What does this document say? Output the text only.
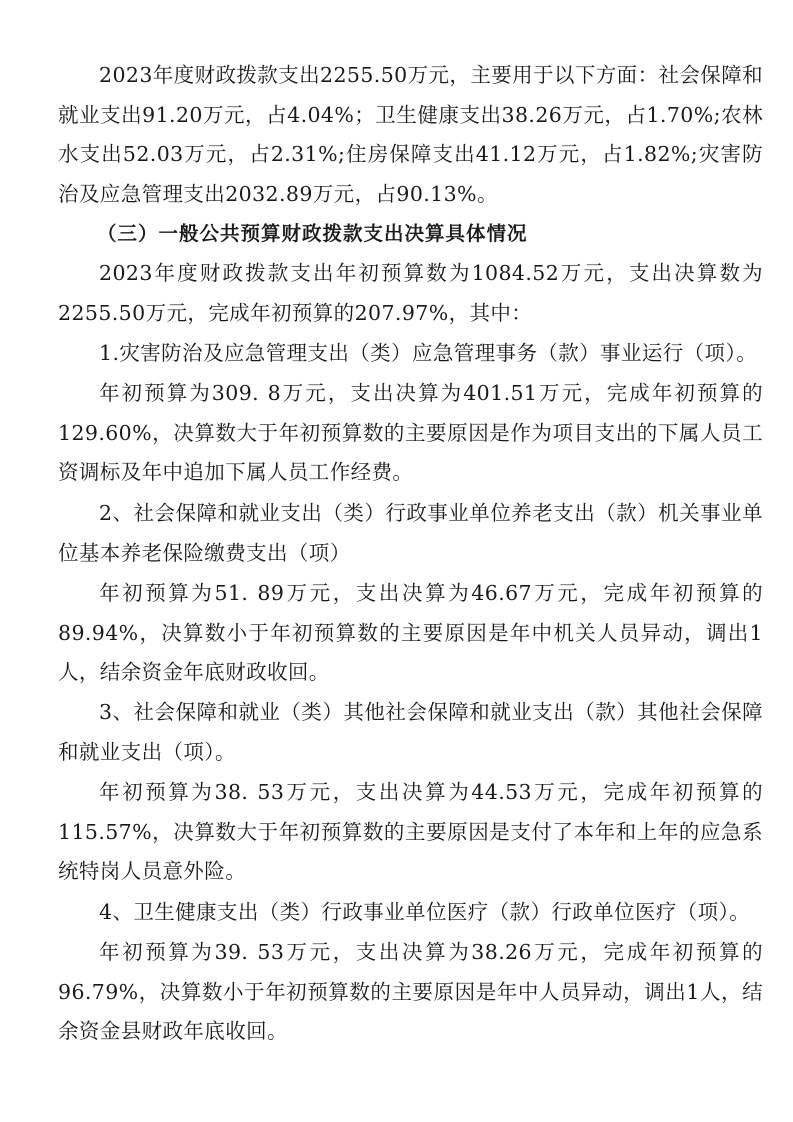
2023年度财政拨款支出2255.50万元，主要用于以下方面：社会保障和就业支出91.20万元，占4.04%；卫生健康支出38.26万元，占1.70%;农林水支出52.03万元，占2.31%;住房保障支出41.12万元，占1.82%;灾害防治及应急管理支出2032.89万元，占90.13%。

（三）一般公共预算财政拨款支出决算具体情况

2023年度财政拨款支出年初预算数为1084.52万元，支出决算数为2255.50万元，完成年初预算的207.97%，其中：

1.灾害防治及应急管理支出（类）应急管理事务（款）事业运行（项）。

年初预算为309. 8万元，支出决算为401.51万元，完成年初预算的129.60%，决算数大于年初预算数的主要原因是作为项目支出的下属人员工资调标及年中追加下属人员工作经费。

2、社会保障和就业支出（类）行政事业单位养老支出（款）机关事业单位基本养老保险缴费支出（项）

年初预算为51. 89万元，支出决算为46.67万元，完成年初预算的89.94%，决算数小于年初预算数的主要原因是年中机关人员异动，调出1人，结余资金年底财政收回。

3、社会保障和就业（类）其他社会保障和就业支出（款）其他社会保障和就业支出（项）。

年初预算为38. 53万元，支出决算为44.53万元，完成年初预算的115.57%，决算数大于年初预算数的主要原因是支付了本年和上年的应急系统特岗人员意外险。

4、卫生健康支出（类）行政事业单位医疗（款）行政单位医疗（项）。

年初预算为39. 53万元，支出决算为38.26万元，完成年初预算的96.79%，决算数小于年初预算数的主要原因是年中人员异动，调出1人，结余资金县财政年底收回。
